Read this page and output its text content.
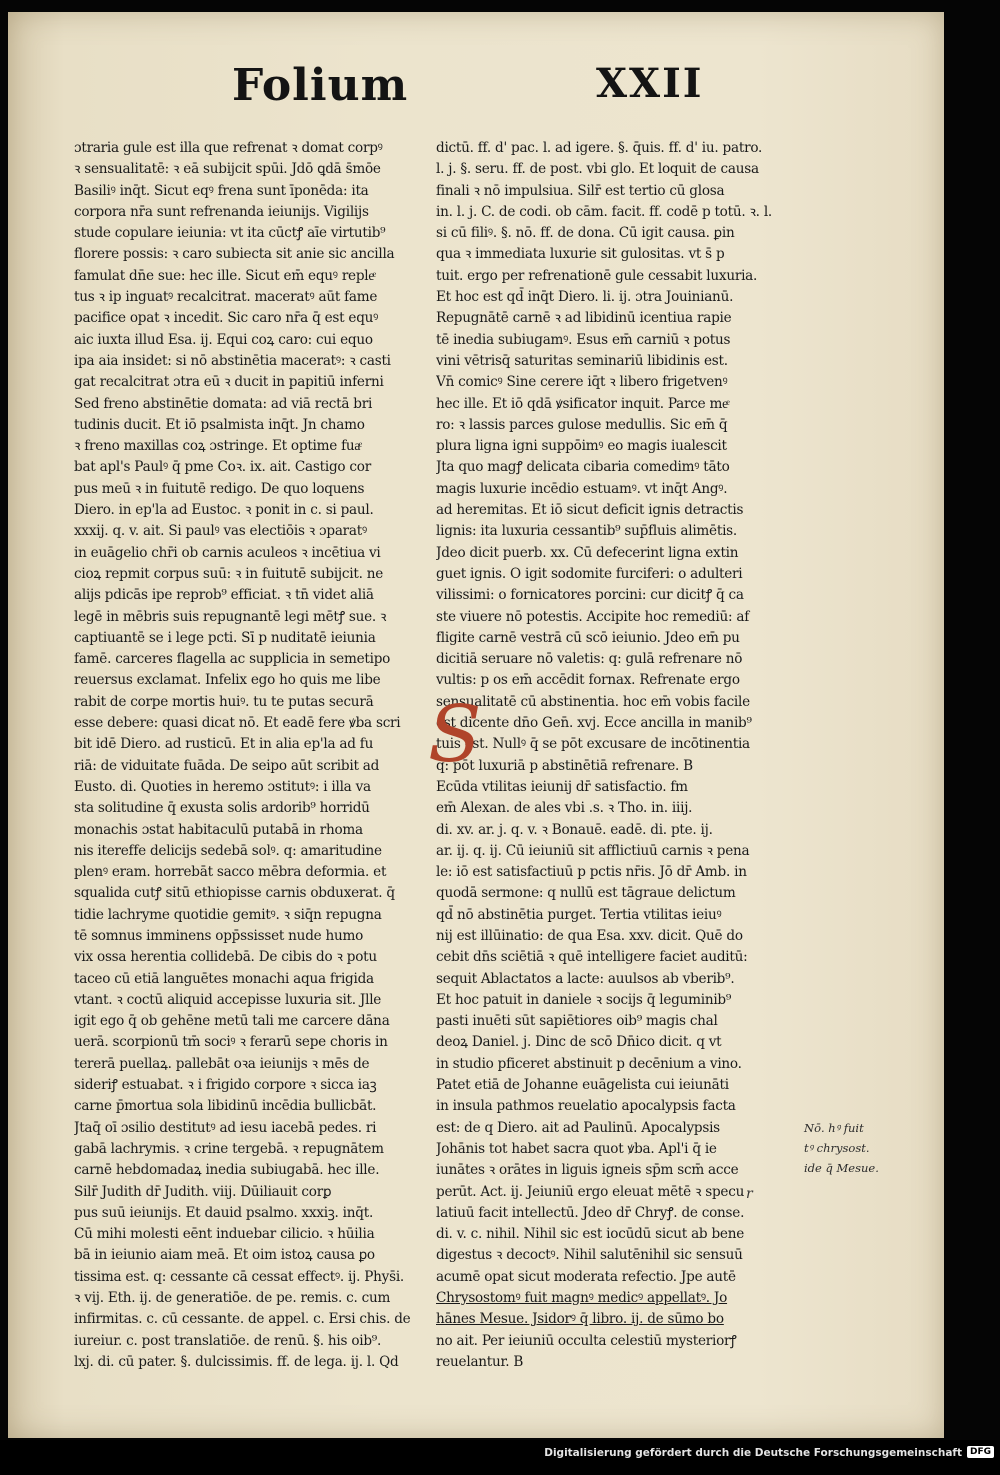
Folium	XXII
ɔtraria gule est illa que refrenat ꝛ domat corpꝰ
ꝛ sensualitatē: ꝛ eā subijcit spūi. Jdō ꝗdā s̄mōe
Basiliꝰ inq̄t. Sicut eqꝰ frena sunt īponēda: ita
corpora nr̄a sunt refrenanda ieiunijs. Vigilijs
stude copulare ieiunia: vt ita cūctꝭ aīe virtutib⁹
florere possis: ꝛ caro subiecta sit anie sic ancilla
famulat dn̄e sue: hec ille. Sicut em̄ equꝰ repleͤ
tus ꝛ ip inguatꝰ recalcitrat. maceratꝰ aūt fame
pacifice opat ꝛ incedit. Sic caro nr̄a q̄ est equꝰ
aic iuxta illud Esa. ij. Equi coꝝ caro: cui equo
ipa aia insidet: si nō abstinētia maceratꝰ: ꝛ casti
gat recalcitrat ɔtra eū ꝛ ducit in papitiū inferni
Sed freno abstinētie domata: ad viā rectā bri
tudinis ducit. Et iō psalmista inq̄t. Jn chamo
ꝛ freno maxillas coꝝ ɔstringe. Et optime fuaͤ
bat apl's Paulꝰ q̄ pme Coꝛ. ix. ait. Castigo cor
pus meū ꝛ in fuitutē redigo. De quo loquens
Diero. in ep'la ad Eustoc. ꝛ ponit in c. si paul.
xxxij. q. v. ait. Si paulꝰ vas electiōis ꝛ ɔparatꝰ
in euāgelio chr̄i ob carnis aculeos ꝛ incētiua vi
cioꝝ repmit corpus suū: ꝛ in fuitutē subijcit. ne
alijs pdicās ipe reprob⁹ efficiat. ꝛ tn̄ videt aliā
legē in mēbris suis repugnantē legi mētꝭ sue. ꝛ
captiuantē se i lege pcti. Sī p nuditatē ieiunia
famē. carceres flagella ac supplicia in semetipo
reuersus exclamat. Infelix ego ho quis me libe
rabit de corpe mortis huiꝰ. tu te putas securā
esse debere: quasi dicat nō. Et eadē fere ꝟba scri
bit idē Diero. ad rusticū. Et in alia ep'la ad fu
riā: de viduitate fuāda. De seipo aūt scribit ad
Eusto. di. Quoties in heremo ɔstitutꝰ: i illa va
sta solitudine q̄ exusta solis ardorib⁹ horridū
monachis ɔstat habitaculū putabā in rhoma
nis itereffe delicijs sedebā solꝰ. q: amaritudine
plenꝰ eram. horrebāt sacco mēbra deformia. et
squalida cutꝭ sitū ethiopisse carnis obduxerat. q̄
tidie lachryme quotidie gemitꝰ. ꝛ siq̄n repugna
tē somnus imminens opp̄ssisset nude humo
vix ossa herentia collidebā. De cibis do ꝛ potu
taceo cū etiā languētes monachi aqua frigida
vtant. ꝛ coctū aliquid accepisse luxuria sit. Jlle
igit ego q̄ ob gehēne metū tali me carcere dāna
uerā. scorpionū tm̄ sociꝰ ꝛ ferarū sepe choris in
tererā puellaꝝ. pallebāt oꝛa ieiunijs ꝛ mēs de
sideriꝭ estuabat. ꝛ i frigido corpore ꝛ sicca iaꝫ
carne p̄mortua sola libidinū incēdia bullicbāt.
Jtaq̄ oī ɔsilio destitutꝰ ad iesu iacebā pedes. ri
gabā lachrymis. ꝛ crine tergebā. ꝛ repugnātem
carnē hebdomadaꝝ inedia subiugabā. hec ille.
Silr̄ Judith dr̄ Judith. viij. Dūiliauit corꝑ
pus suū ieiunijs. Et dauid psalmo. xxxiꝫ. inq̄t.
Cū mihi molesti eēnt induebar cilicio. ꝛ hūilia
bā in ieiunio aiam meā. Et oim istoꝝ causa ꝑo
tissima est. q: cessante cā cessat effectꝰ. ij. Phys̄i.
ꝛ vij. Eth. ij. de generatiōe. de pe. remis. c. cum
infirmitas. c. cū cessante. de appel. c. Ersi chis. de
iureiur. c. post translatiōe. de renū. §. his oib⁹.
lxj. di. cū pater. §. dulcissimis. ff. de lega. ij. l. Qd
dictū. ff. d' pac. l. ad igere. §. q̄uis. ff. d' iu. patro.
l. j. §. seru. ff. de post. vbi glo. Et loquit de causa
finali ꝛ nō impulsiua. Silr̄ est tertio cū glosa
in. l. j. C. de codi. ob cām. facit. ff. codē p totū. ꝛ. l.
si cū filiꝰ. §. nō. ff. de dona. Cū igit causa. ꝑin
qua ꝛ immediata luxurie sit gulositas. vt s̄ p
tuit. ergo per refrenationē gule cessabit luxuria.
Et hoc est qd̄ inq̄t Diero. li. ij. ɔtra Jouinianū.
Repugnātē carnē ꝛ ad libidinū icentiua rapie
tē inedia subiugamꝰ. Esus em̄ carniū ꝛ potus
vini vētrisq̄ saturitas seminariū libidinis est.
Vn̄ comicꝰ Sine cerere iq̄t ꝛ libero frigetvenꝰ
hec ille. Et iō qdā ꝟsificator inquit. Parce meͤ
ro: ꝛ lassis parces gulose medullis. Sic em̄ q̄
plura ligna igni suppōimꝰ eo magis iualescit
Jta quo magꝭ delicata cibaria comedimꝰ tāto
magis luxurie incēdio estuamꝰ. vt inq̄t Angꝰ.
ad heremitas. Et iō sicut deficit ignis detractis
lignis: ita luxuria cessantib⁹ sup̄fluis alimētis.
Jdeo dicit puerb. xx. Cū defecerint ligna extin
guet ignis. O igit sodomite furciferi: o adulteri
vilissimi: o fornicatores porcini: cur dicitꝭ q̄ ca
ste viuere nō potestis. Accipite hoc remediū: af
fligite carnē vestrā cū scō ieiunio. Jdeo em̄ pu
dicitiā seruare nō valetis: q: gulā refrenare nō
vultis: p os em̄ accēdit fornax. Refrenate ergo
sensualitatē cū abstinentia. hoc em̄ vobis facile
est dicente dn̄o Gen̄. xvj. Ecce ancilla in manib⁹
tuis est. Nullꝰ q̄ se pōt excusare de incōtinentia
q: pōt luxuriā p abstinētiā refrenare. B
Ecūda vtilitas ieiunij dr̄ satisfactio. fm
em̄ Alexan. de ales vbi .s. ꝛ Tho. in. iiij.
di. xv. ar. j. q. v. ꝛ Bonauē. eadē. di. pte. ij.
ar. ij. q. ij. Cū ieiuniū sit afflictiuū carnis ꝛ pena
le: iō est satisfactiuū p pctis nr̄is. Jō dr̄ Amb. in
quodā sermone: q nullū est tāgraue delictum
qd̄ nō abstinētia purget. Tertia vtilitas ieiuꝰ
nij est illūinatio: de qua Esa. xxv. dicit. Quē do
cebit dn̄s sciētiā ꝛ quē intelligere faciet auditū:
sequit Ablactatos a lacte: auulsos ab vberib⁹.
Et hoc patuit in daniele ꝛ socijs q̄ leguminib⁹
pasti inuēti sūt sapiētiores oib⁹ magis chal
deoꝝ Daniel. j. Dinc de scō Dn̄ico dicit. q vt
in studio pficeret abstinuit p decēnium a vino.
Patet etiā de Johanne euāgelista cui ieiunāti
in insula pathmos reuelatio apocalypsis facta
est: de q Diero. ait ad Paulinū. Apocalypsis
Johānis tot habet sacra quot ꝟba. Apl'i q̄ ie
iunātes ꝛ orātes in liguis igneis sp̄m scm̄ acce
perūt. Act. ij. Jeiuniū ergo eleuat mētē ꝛ specu
latiuū facit intellectū. Jdeo dr̄ Chryꝭ. de conse.
di. v. c. nihil. Nihil sic est iocūdū sicut ab bene
digestus ꝛ decoctꝰ. Nihil salutēnihil sic sensuū
acumē opat sicut moderata refectio. Jpe autē
Chrysostomꝰ fuit magnꝰ medicꝰ appellatꝰ. Jo
hānes Mesue. Jsidorꝰ q̄ libro. ij. de sūmo bo
no ait. Per ieiuniū occulta celestiū mysteriorꝭ
reuelantur. B
S
Nō. hꝰ fuit
tꝰ chrysost.
ide q̄ Mesue.
r
Digitalisierung gefördert durch die Deutsche Forschungsgemeinschaft DFG
